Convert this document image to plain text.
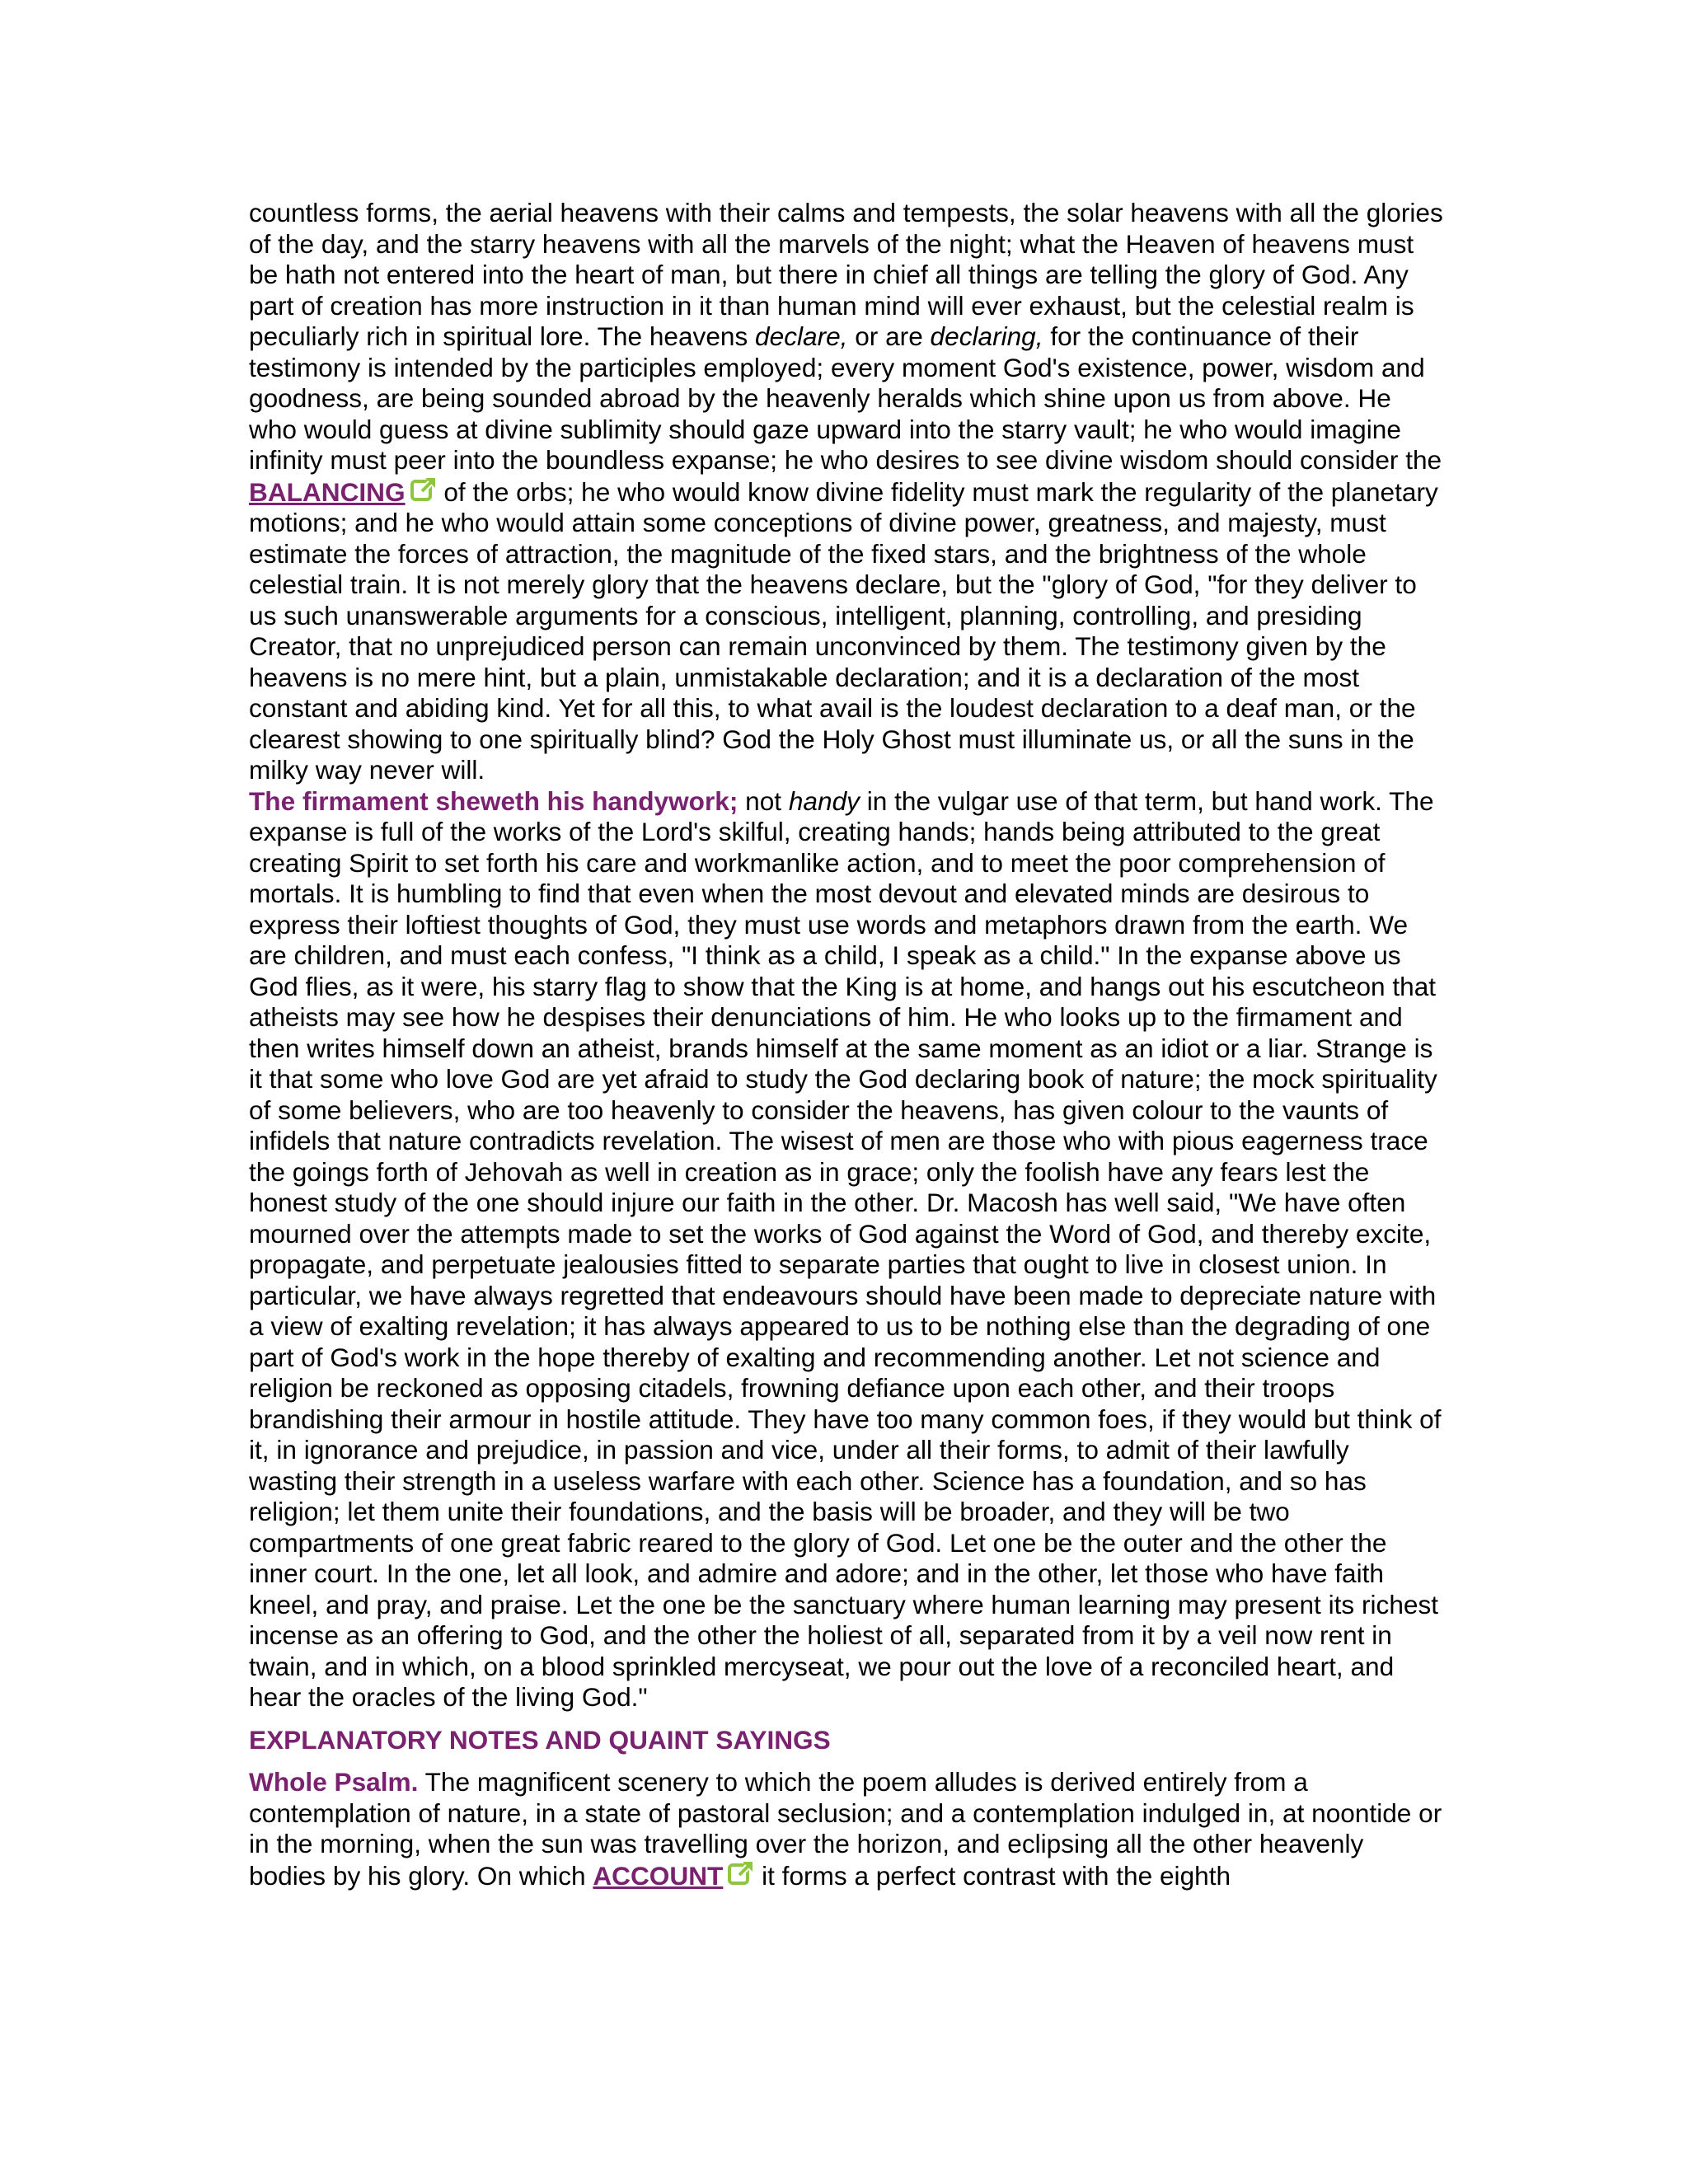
countless forms, the aerial heavens with their calms and tempests, the solar heavens with all the glories of the day, and the starry heavens with all the marvels of the night; what the Heaven of heavens must be hath not entered into the heart of man, but there in chief all things are telling the glory of God. Any part of creation has more instruction in it than human mind will ever exhaust, but the celestial realm is peculiarly rich in spiritual lore. The heavens declare, or are declaring, for the continuance of their testimony is intended by the participles employed; every moment God's existence, power, wisdom and goodness, are being sounded abroad by the heavenly heralds which shine upon us from above. He who would guess at divine sublimity should gaze upward into the starry vault; he who would imagine infinity must peer into the boundless expanse; he who desires to see divine wisdom should consider the BALANCING
of the orbs; he who would know divine fidelity must mark the regularity of the planetary motions; and he who would attain some conceptions of divine power, greatness, and majesty, must estimate the forces of attraction, the magnitude of the fixed stars, and the brightness of the whole celestial train. It is not merely glory that the heavens declare, but the "glory of God, "for they deliver to us such unanswerable arguments for a conscious, intelligent, planning, controlling, and presiding Creator, that no unprejudiced person can remain unconvinced by them. The testimony given by the heavens is no mere hint, but a plain, unmistakable declaration; and it is a declaration of the most constant and abiding kind. Yet for all this, to what avail is the loudest declaration to a deaf man, or the clearest showing to one spiritually blind? God the Holy Ghost must illuminate us, or all the suns in the milky way never will.

The firmament sheweth his handywork; not handy in the vulgar use of that term, but hand work. The expanse is full of the works of the Lord's skilful, creating hands; hands being attributed to the great creating Spirit to set forth his care and workmanlike action, and to meet the poor comprehension of mortals. It is humbling to find that even when the most devout and elevated minds are desirous to express their loftiest thoughts of God, they must use words and metaphors drawn from the earth. We are children, and must each confess, "I think as a child, I speak as a child." In the expanse above us God flies, as it were, his starry flag to show that the King is at home, and hangs out his escutcheon that atheists may see how he despises their denunciations of him. He who looks up to the firmament and then writes himself down an atheist, brands himself at the same moment as an idiot or a liar. Strange is it that some who love God are yet afraid to study the God declaring book of nature; the mock spirituality of some believers, who are too heavenly to consider the heavens, has given colour to the vaunts of infidels that nature contradicts revelation. The wisest of men are those who with pious eagerness trace the goings forth of Jehovah as well in creation as in grace; only the foolish have any fears lest the honest study of the one should injure our faith in the other. Dr. Macosh has well said, "We have often mourned over the attempts made to set the works of God against the Word of God, and thereby excite, propagate, and perpetuate jealousies fitted to separate parties that ought to live in closest union. In particular, we have always regretted that endeavours should have been made to depreciate nature with a view of exalting revelation; it has always appeared to us to be nothing else than the degrading of one part of God's work in the hope thereby of exalting and recommending another. Let not science and religion be reckoned as opposing citadels, frowning defiance upon each other, and their troops brandishing their armour in hostile attitude. They have too many common foes, if they would but think of it, in ignorance and prejudice, in passion and vice, under all their forms, to admit of their lawfully wasting their strength in a useless warfare with each other. Science has a foundation, and so has religion; let them unite their foundations, and the basis will be broader, and they will be two compartments of one great fabric reared to the glory of God. Let one be the outer and the other the inner court. In the one, let all look, and admire and adore; and in the other, let those who have faith kneel, and pray, and praise. Let the one be the sanctuary where human learning may present its richest incense as an offering to God, and the other the holiest of all, separated from it by a veil now rent in twain, and in which, on a blood sprinkled mercyseat, we pour out the love of a reconciled heart, and hear the oracles of the living God."

EXPLANATORY NOTES AND QUAINT SAYINGS

Whole Psalm. The magnificent scenery to which the poem alludes is derived entirely from a contemplation of nature, in a state of pastoral seclusion; and a contemplation indulged in, at noontide or in the morning, when the sun was travelling over the horizon, and eclipsing all the other heavenly bodies by his glory. On which ACCOUNT
it forms a perfect contrast with the eighth
